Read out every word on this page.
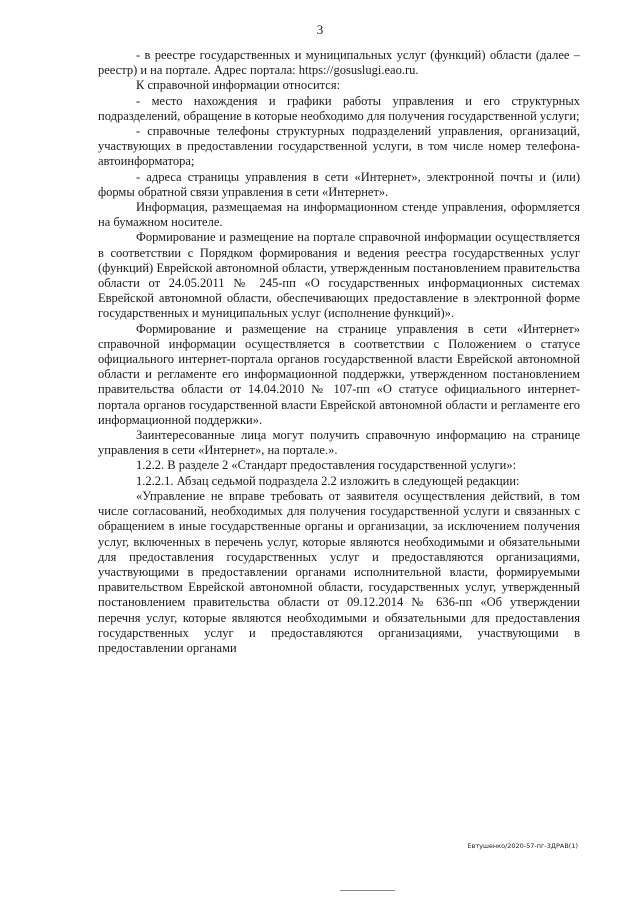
3

- в реестре государственных и муниципальных услуг (функций) области (далее – реестр) и на портале. Адрес портала: https://gosuslugi.eao.ru.

К справочной информации относится:

- место нахождения и графики работы управления и его структурных подразделений, обращение в которые необходимо для получения государственной услуги;

- справочные телефоны структурных подразделений управления, организаций, участвующих в предоставлении государственной услуги, в том числе номер телефона-автоинформатора;

- адреса страницы управления в сети «Интернет», электронной почты и (или) формы обратной связи управления в сети «Интернет».

Информация, размещаемая на информационном стенде управления, оформляется на бумажном носителе.

Формирование и размещение на портале справочной информации осуществляется в соответствии с Порядком формирования и ведения реестра государственных услуг (функций) Еврейской автономной области, утвержденным постановлением правительства области от 24.05.2011 № 245-пп «О государственных информационных системах Еврейской автономной области, обеспечивающих предоставление в электронной форме государственных и муниципальных услуг (исполнение функций)».

Формирование и размещение на странице управления в сети «Интернет» справочной информации осуществляется в соответствии с Положением о статусе официального интернет-портала органов государственной власти Еврейской автономной области и регламенте его информационной поддержки, утвержденном постановлением правительства области от 14.04.2010 № 107-пп «О статусе официального интернет-портала органов государственной власти Еврейской автономной области и регламенте его информационной поддержки».

Заинтересованные лица могут получить справочную информацию на странице управления в сети «Интернет», на портале.».

1.2.2. В разделе 2 «Стандарт предоставления государственной услуги»:

1.2.2.1. Абзац седьмой подраздела 2.2 изложить в следующей редакции:

«Управление не вправе требовать от заявителя осуществления действий, в том числе согласований, необходимых для получения государственной услуги и связанных с обращением в иные государственные органы и организации, за исключением получения услуг, включенных в перечень услуг, которые являются необходимыми и обязательными для предоставления государственных услуг и предоставляются организациями, участвующими в предоставлении органами исполнительной власти, формируемыми правительством Еврейской автономной области, государственных услуг, утвержденный постановлением правительства области от 09.12.2014 № 636-пп «Об утверждении перечня услуг, которые являются необходимыми и обязательными для предоставления государственных услуг и предоставляются организациями, участвующими в предоставлении органами

Евтушенко/2020-57-пг-3ДРАВ(1)
